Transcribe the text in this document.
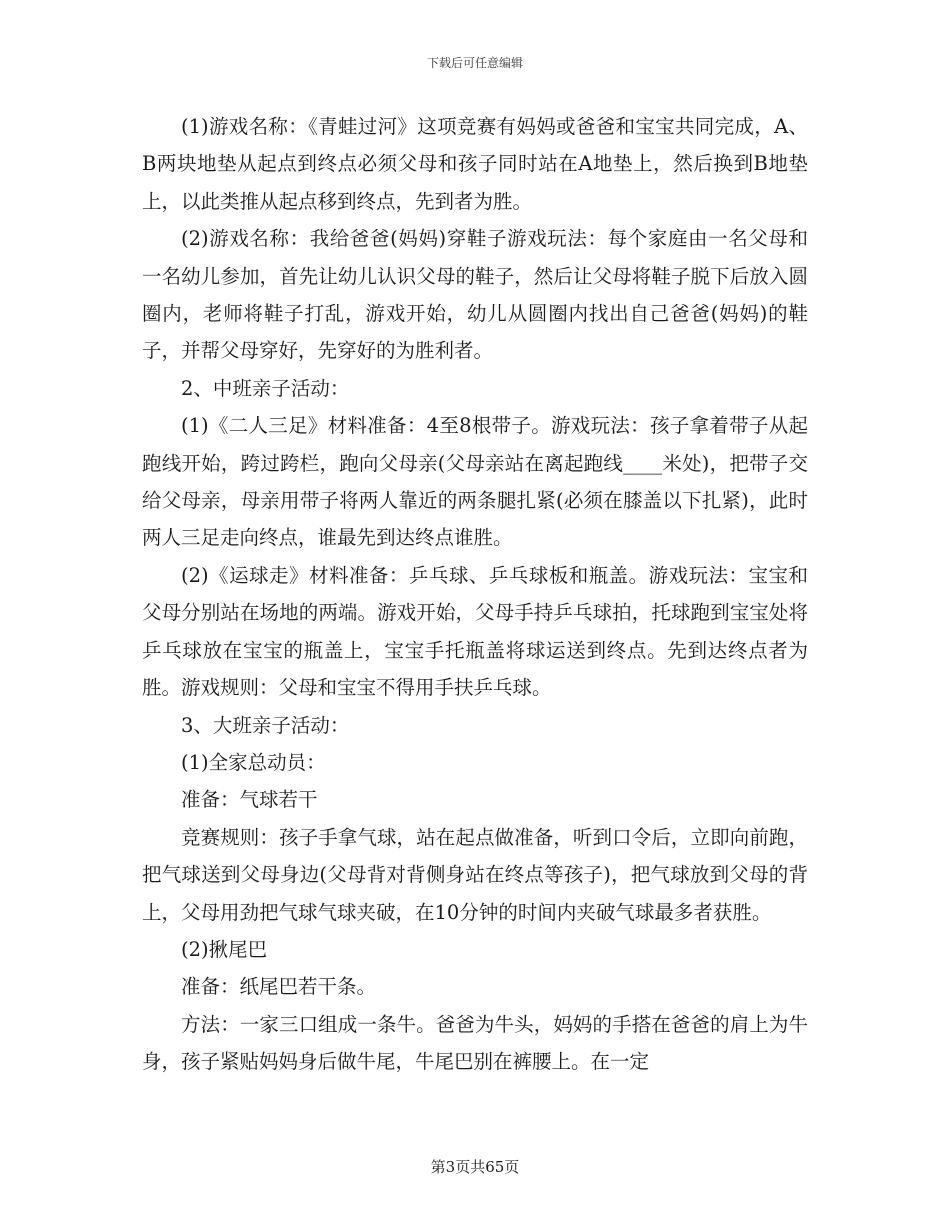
下载后可任意编辑

(1)游戏名称：《青蛙过河》这项竞赛有妈妈或爸爸和宝宝共同完成，A、B两块地垫从起点到终点必须父母和孩子同时站在A地垫上，然后换到B地垫上，以此类推从起点移到终点，先到者为胜。

(2)游戏名称：我给爸爸(妈妈)穿鞋子游戏玩法：每个家庭由一名父母和一名幼儿参加，首先让幼儿认识父母的鞋子，然后让父母将鞋子脱下后放入圆圈内，老师将鞋子打乱，游戏开始，幼儿从圆圈内找出自己爸爸(妈妈)的鞋子，并帮父母穿好，先穿好的为胜利者。

2、中班亲子活动：

(1)《二人三足》材料准备：4至8根带子。游戏玩法：孩子拿着带子从起跑线开始，跨过跨栏，跑向父母亲(父母亲站在离起跑线____米处)，把带子交给父母亲，母亲用带子将两人靠近的两条腿扎紧(必须在膝盖以下扎紧)，此时两人三足走向终点，谁最先到达终点谁胜。

(2)《运球走》材料准备：乒乓球、乒乓球板和瓶盖。游戏玩法：宝宝和父母分别站在场地的两端。游戏开始，父母手持乒乓球拍，托球跑到宝宝处将乒乓球放在宝宝的瓶盖上，宝宝手托瓶盖将球运送到终点。先到达终点者为胜。游戏规则：父母和宝宝不得用手扶乒乓球。

3、大班亲子活动：

(1)全家总动员：

准备：气球若干

竞赛规则：孩子手拿气球，站在起点做准备，听到口令后，立即向前跑，把气球送到父母身边(父母背对背侧身站在终点等孩子)，把气球放到父母的背上，父母用劲把气球气球夹破，在10分钟的时间内夹破气球最多者获胜。

(2)揪尾巴

准备：纸尾巴若干条。

方法：一家三口组成一条牛。爸爸为牛头，妈妈的手搭在爸爸的肩上为牛身，孩子紧贴妈妈身后做牛尾，牛尾巴别在裤腰上。在一定

第3页共65页
